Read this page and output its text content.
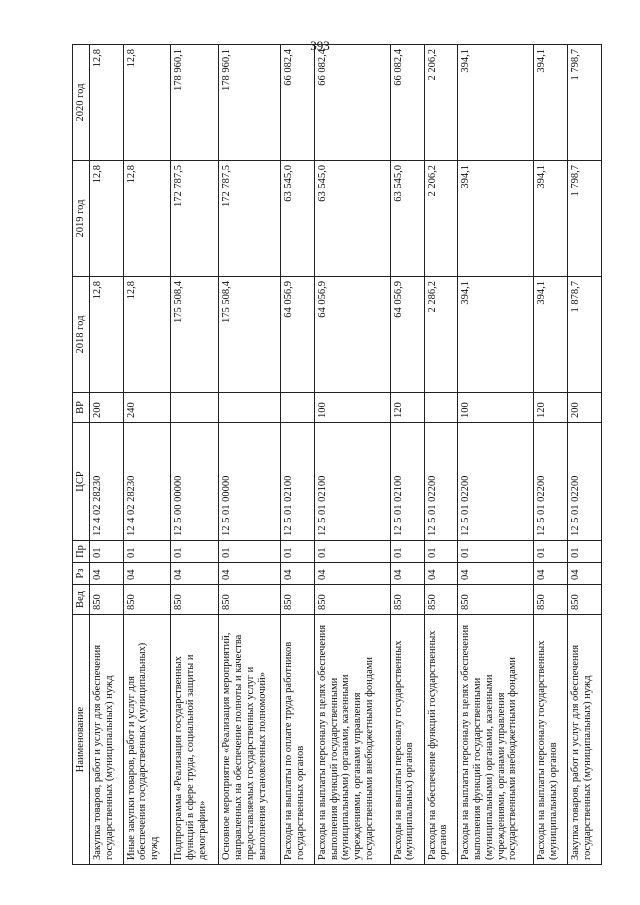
393
Наименование	Вед	Рз	Пр	ЦСР	ВР	2018 год	2019 год	2020 год
Закупка товаров, работ и услуг для обеспечения государственных (муниципальных) нужд	850	04	01	12 4 02 28230	200	12,8	12,8	12,8
Иные закупки товаров, работ и услуг для обеспечения государственных (муниципальных) нужд	850	04	01	12 4 02 28230	240	12,8	12,8	12,8
Подпрограмма «Реализация государственных функций в сфере труда, социальной защиты и демографии»	850	04	01	12 5 00 00000		175 508,4	172 787,5	178 960,1
Основное мероприятие «Реализация мероприятий, направленных на обеспечение полноты и качества предоставляемых государственных услуг и выполнения установленных полномочий»	850	04	01	12 5 01 00000		175 508,4	172 787,5	178 960,1
Расходы на выплаты по оплате труда работников государственных органов	850	04	01	12 5 01 02100		64 056,9	63 545,0	66 082,4
Расходы на выплаты персоналу в целях обеспечения выполнения функций государственными (муниципальными) органами, казенными учреждениями, органами управления государственными внебюджетными фондами	850	04	01	12 5 01 02100	100	64 056,9	63 545,0	66 082,4
Расходы на выплаты персоналу государственных (муниципальных) органов	850	04	01	12 5 01 02100	120	64 056,9	63 545,0	66 082,4
Расходы на обеспечение функций государственных органов	850	04	01	12 5 01 02200		2 286,2	2 206,2	2 206,2
Расходы на выплаты персоналу в целях обеспечения выполнения функций государственными (муниципальными) органами, казенными учреждениями, органами управления государственными внебюджетными фондами	850	04	01	12 5 01 02200	100	394,1	394,1	394,1
Расходы на выплаты персоналу государственных (муниципальных) органов	850	04	01	12 5 01 02200	120	394,1	394,1	394,1
Закупка товаров, работ и услуг для обеспечения государственных (муниципальных) нужд	850	04	01	12 5 01 02200	200	1 878,7	1 798,7	1 798,7
